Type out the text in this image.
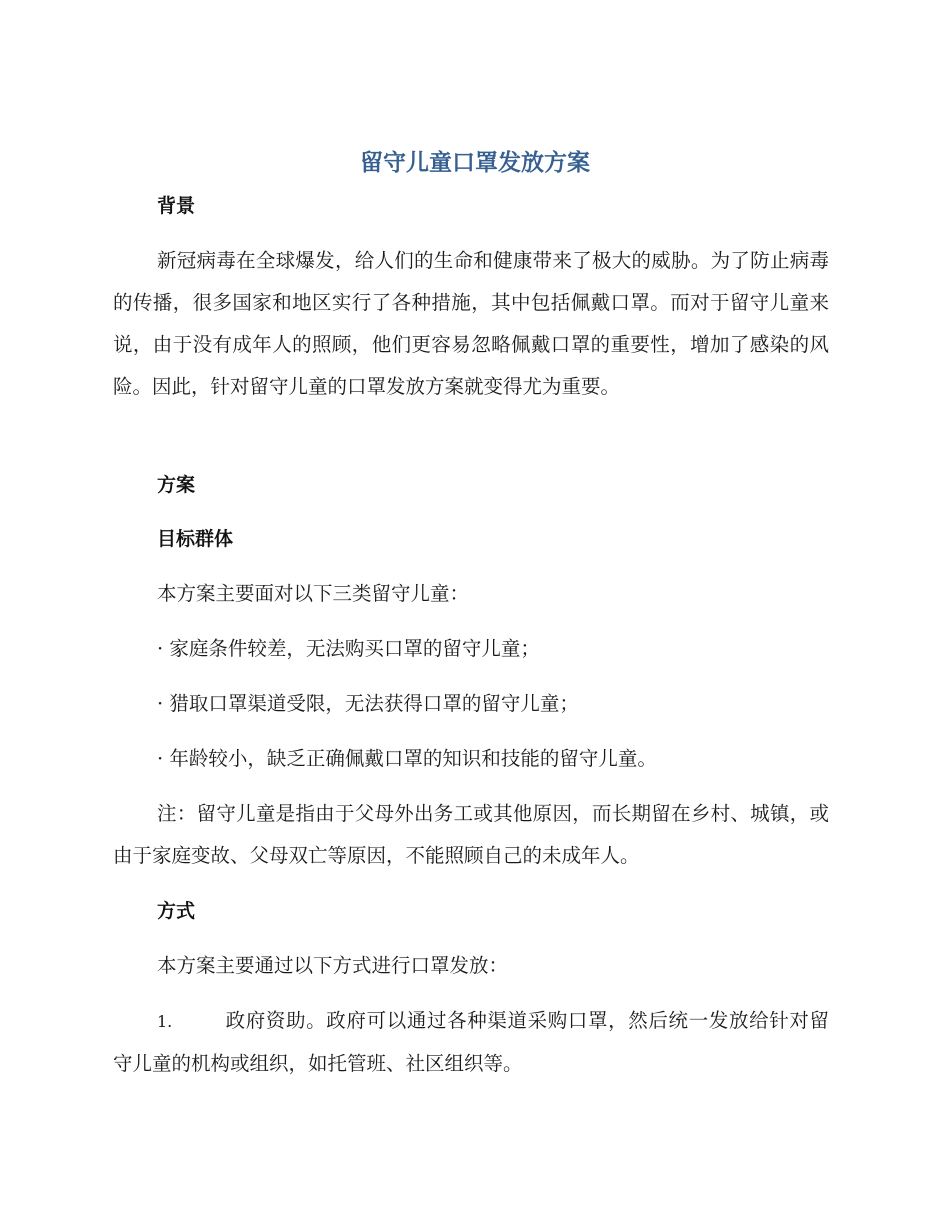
留守儿童口罩发放方案
背景

新冠病毒在全球爆发，给人们的生命和健康带来了极大的威胁。为了防止病毒的传播，很多国家和地区实行了各种措施，其中包括佩戴口罩。而对于留守儿童来说，由于没有成年人的照顾，他们更容易忽略佩戴口罩的重要性，增加了感染的风险。因此，针对留守儿童的口罩发放方案就变得尤为重要。

方案
目标群体

本方案主要面对以下三类留守儿童：

· 家庭条件较差，无法购买口罩的留守儿童；

· 猎取口罩渠道受限，无法获得口罩的留守儿童；

· 年龄较小，缺乏正确佩戴口罩的知识和技能的留守儿童。

注：留守儿童是指由于父母外出务工或其他原因，而长期留在乡村、城镇，或由于家庭变故、父母双亡等原因，不能照顾自己的未成年人。

方式

本方案主要通过以下方式进行口罩发放：

1.	政府资助。政府可以通过各种渠道采购口罩，然后统一发放给针对留守儿童的机构或组织，如托管班、社区组织等。
